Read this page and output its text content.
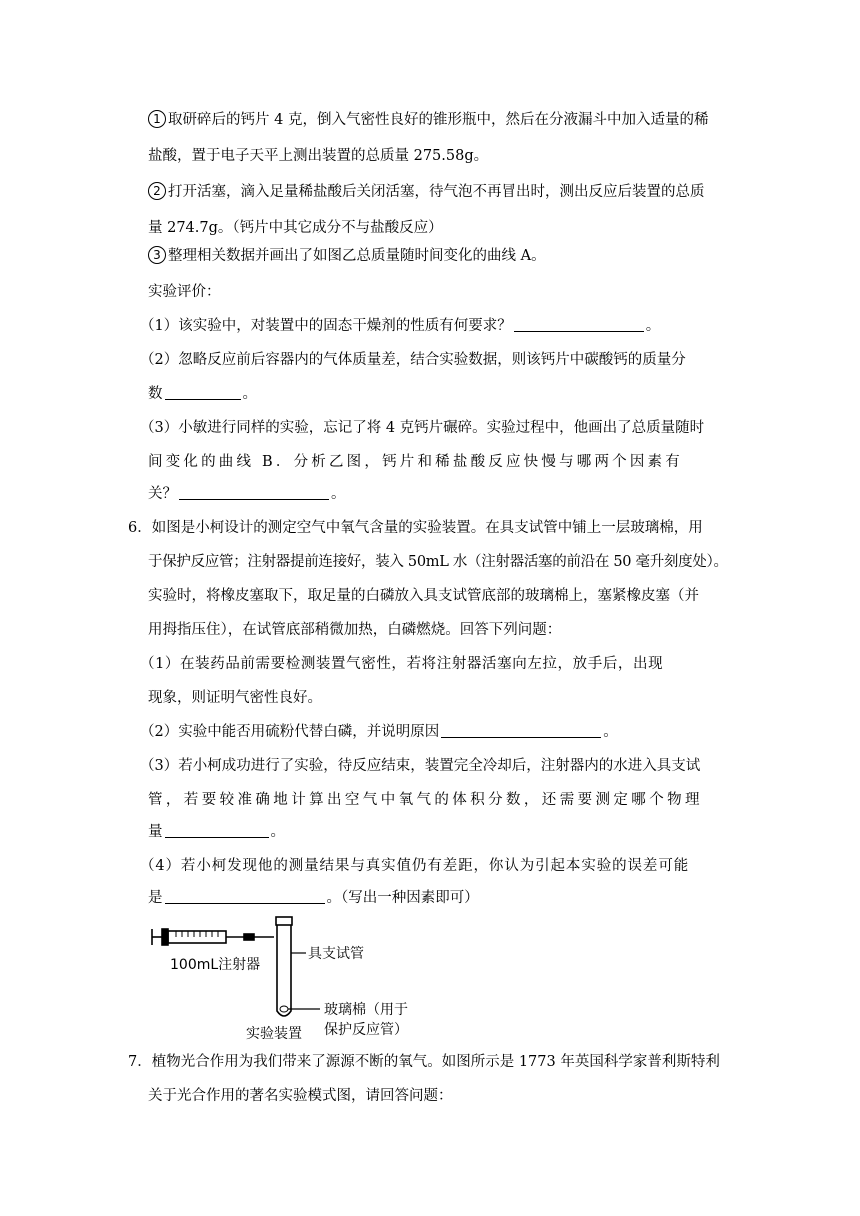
1 取研碎后的钙片 4 克，倒入气密性良好的锥形瓶中，然后在分液漏斗中加入适量的稀
盐酸，置于电子天平上测出装置的总质量 275.58g。
2 打开活塞，滴入足量稀盐酸后关闭活塞，待气泡不再冒出时，测出反应后装置的总质
量 274.7g。（钙片中其它成分不与盐酸反应）
3 整理相关数据并画出了如图乙总质量随时间变化的曲线 A。
实验评价：
（1）该实验中，对装置中的固态干燥剂的性质有何要求？	。
（2）忽略反应前后容器内的气体质量差，结合实验数据，则该钙片中碳酸钙的质量分
数	。
（3）小敏进行同样的实验，忘记了将 4 克钙片碾碎。实验过程中，他画出了总质量随时
间变化的曲线 B．分析乙图，钙片和稀盐酸反应快慢与哪两个因素有
关？	。
6．如图是小柯设计的测定空气中氧气含量的实验装置。在具支试管中铺上一层玻璃棉，用
于保护反应管；注射器提前连接好，装入 50mL 水（注射器活塞的前沿在 50 毫升刻度处）。
实验时，将橡皮塞取下，取足量的白磷放入具支试管底部的玻璃棉上，塞紧橡皮塞（并
用拇指压住），在试管底部稍微加热，白磷燃烧。回答下列问题：
（1）在装药品前需要检测装置气密性，若将注射器活塞向左拉，放手后，出现
现象，则证明气密性良好。
（2）实验中能否用硫粉代替白磷，并说明原因	。
（3）若小柯成功进行了实验，待反应结束，装置完全冷却后，注射器内的水进入具支试
管，若要较准确地计算出空气中氧气的体积分数，还需要测定哪个物理
量	。
（4）若小柯发现他的测量结果与真实值仍有差距，你认为引起本实验的误差可能
是	。（写出一种因素即可）
100mL注射器
具支试管
玻璃棉（用于
保护反应管）
实验装置
7．植物光合作用为我们带来了源源不断的氧气。如图所示是 1773 年英国科学家普利斯特利
关于光合作用的著名实验模式图，请回答问题：
